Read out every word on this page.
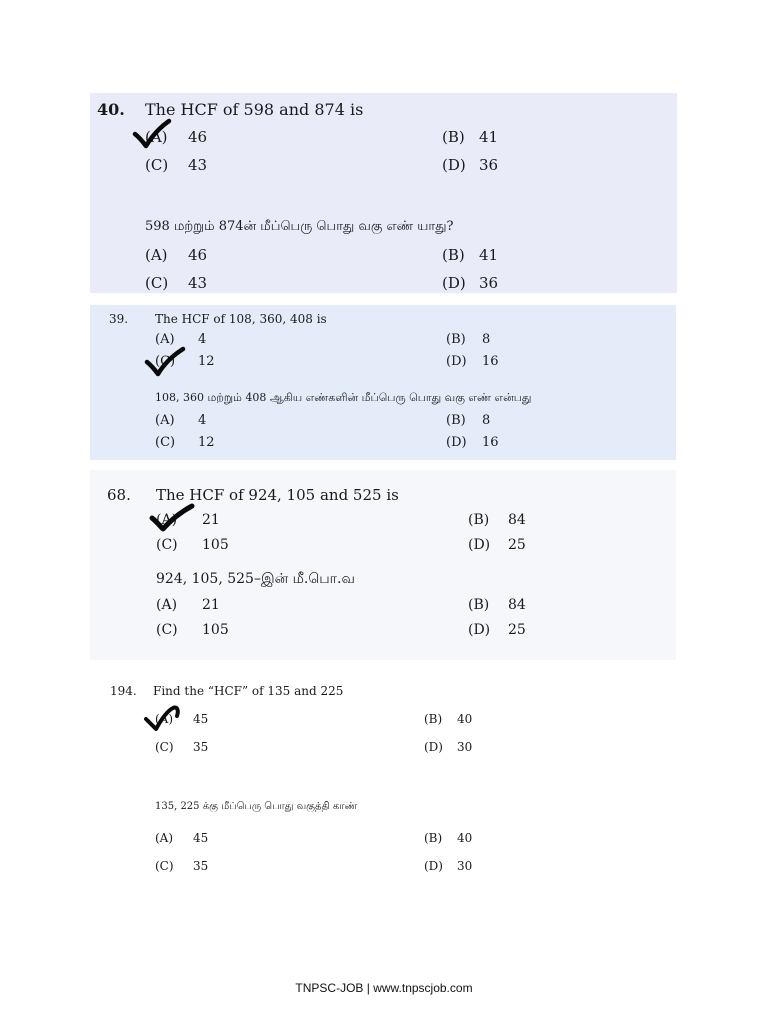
40. The HCF of 598 and 874 is
(A) 46	(B) 41
(C) 43	(D) 36
598 மற்றும் 874ன் மீப்பெரு பொது வகு எண் யாது?
(A) 46	(B) 41
(C) 43	(D) 36
39. The HCF of 108, 360, 408 is
(A) 4	(B) 8
(C) 12	(D) 16
108, 360 மற்றும் 408 ஆகிய எண்களின் மீப்பெரு பொது வகு எண் என்பது
(A) 4	(B) 8
(C) 12	(D) 16
68. The HCF of 924, 105 and 525 is
(A) 21	(B) 84
(C) 105	(D) 25
924, 105, 525–இன் மீ.பொ.வ
(A) 21	(B) 84
(C) 105	(D) 25
194. Find the “HCF” of 135 and 225
(A) 45	(B) 40
(C) 35	(D) 30
135, 225 க்கு மீப்பெரு பொது வகுத்தி காண்
(A) 45	(B) 40
(C) 35	(D) 30
TNPSC-JOB | www.tnpscjob.com
